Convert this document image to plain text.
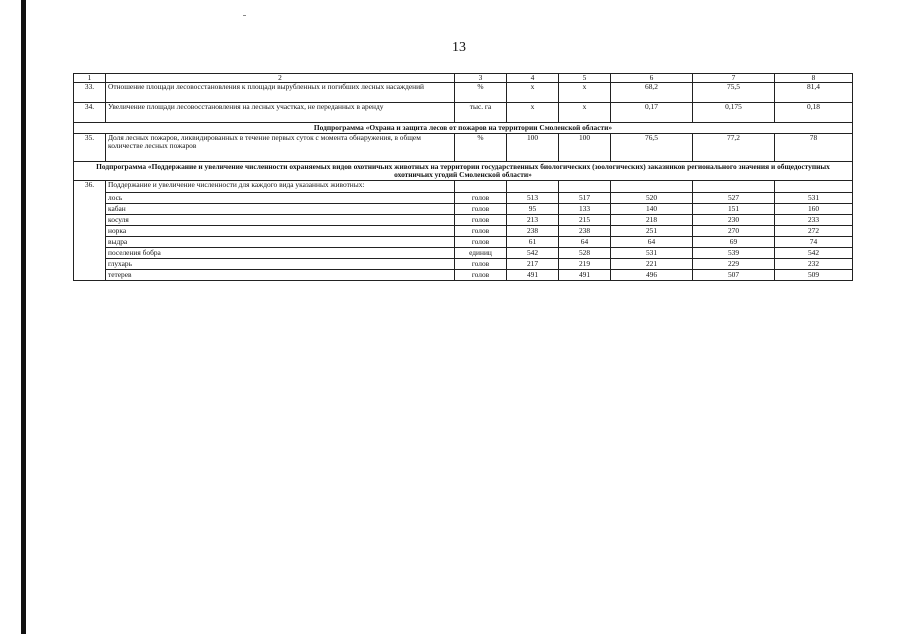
13
1	2	3	4	5	6	7	8
33.	Отношение площади лесовосстановления к площади вырубленных и погибших лесных насаждений	%	х	х	68,2	75,5	81,4
34.	Увеличение площади лесовосстановления на лесных участках, не переданных в аренду	тыс. га	х	х	0,17	0,175	0,18
Подпрограмма «Охрана и защита лесов от пожаров на территории Смоленской области»							
35.	Доля лесных пожаров, ликвидированных в течение первых суток с момента обнаружения, в общем количестве лесных пожаров	%	100	100	76,5	77,2	78
Подпрограмма «Поддержание и увеличение численности охраняемых видов охотничьих животных на территории государственных биологических (зоологических) заказников регионального значения и общедоступных охотничьих угодий Смоленской области»							
36.	Поддержание и увеличение численности для каждого вида указанных животных:						
	лось	голов	513	517	520	527	531
	кабан	голов	95	133	140	151	160
	косуля	голов	213	215	218	230	233
	норка	голов	238	238	251	270	272
	выдра	голов	61	64	64	69	74
	поселения бобра	единиц	542	528	531	539	542
	глухарь	голов	217	219	221	229	232
	тетерев	голов	491	491	496	507	509
